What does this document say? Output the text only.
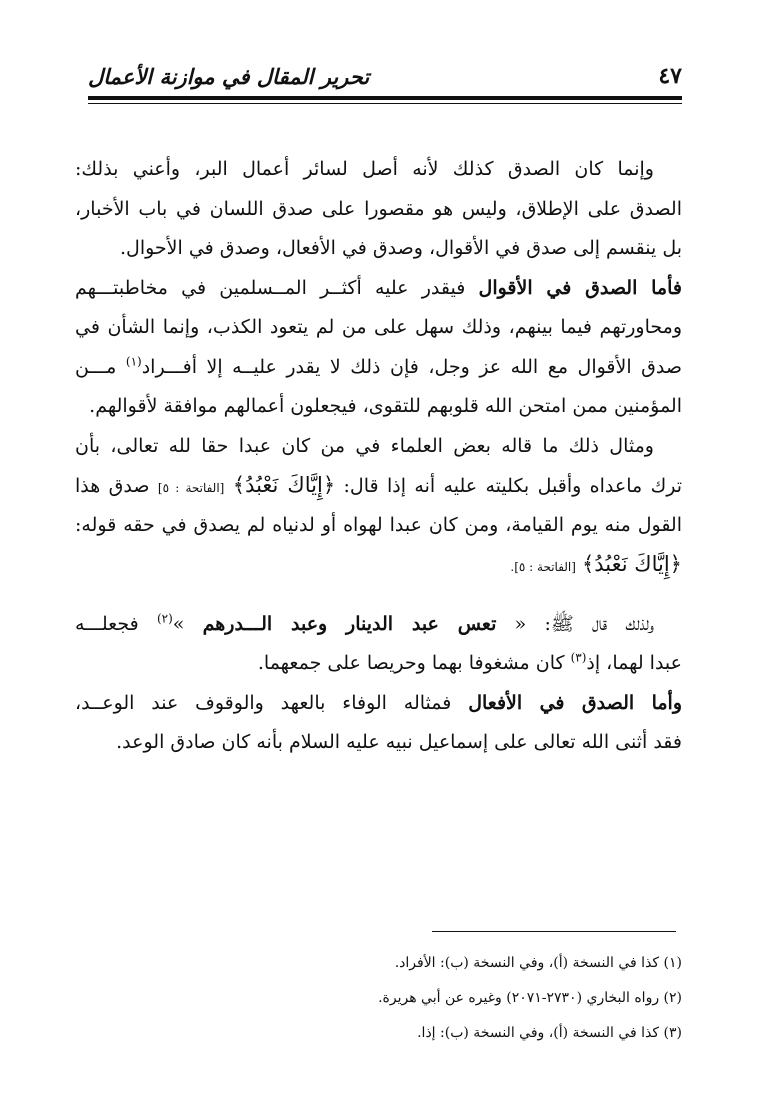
٤٧
تحرير المقال في موازنة الأعمال
وإنما كان الصدق كذلك لأنه أصل لسائر أعمال البر، وأعني بذلك:
الصدق على الإطلاق، وليس هو مقصورا على صدق اللسان في باب الأخبار،
بل ينقسم إلى صدق في الأقوال، وصدق في الأفعال، وصدق في الأحوال.
فأما الصدق في الأقوال فيقدر عليه أكثــر المــسلمين في مخاطبتـــهم
ومحاورتهم فيما بينهم، وذلك سهل على من لم يتعود الكذب، وإنما الشأن في
صدق الأقوال مع الله عز وجل، فإن ذلك لا يقدر عليــه إلا أفـــراد$^{(١)}$ مـــن
المؤمنين ممن امتحن الله قلوبهم للتقوى، فيجعلون أعمالهم موافقة لأقوالهم.
ومثال ذلك ما قاله بعض العلماء في من كان عبدا حقا لله تعالى، بأن
ترك ماعداه وأقبل بكليته عليه أنه إذا قال: ﴿إِيَّاكَ نَعْبُدُ﴾ [الفاتحة : ٥] صدق هذا
القول منه يوم القيامة، ومن كان عبدا لهواه أو لدنياه لم يصدق في حقه قوله:
﴿إِيَّاكَ نَعْبُدُ﴾ [الفاتحة : ٥].
ولذلك قال ﷺ: « تعس عبد الدينار وعبد الـــدرهم »$^{(٢)}$ فجعلـــه
عبدا لهما، إذ$^{(٣)}$ كان مشغوفا بهما وحريصا على جمعهما.
وأما الصدق في الأفعال فمثاله الوفاء بالعهد والوقوف عند الوعــد،
فقد أثنى الله تعالى على إسماعيل نبيه عليه السلام بأنه كان صادق الوعد.
(١) كذا في النسخة (أ)، وفي النسخة (ب): الأفراد.
(٢) رواه البخاري (٢٧٣٠-٢٠٧١) وغيره عن أبي هريرة.
(٣) كذا في النسخة (أ)، وفي النسخة (ب): إذا.
